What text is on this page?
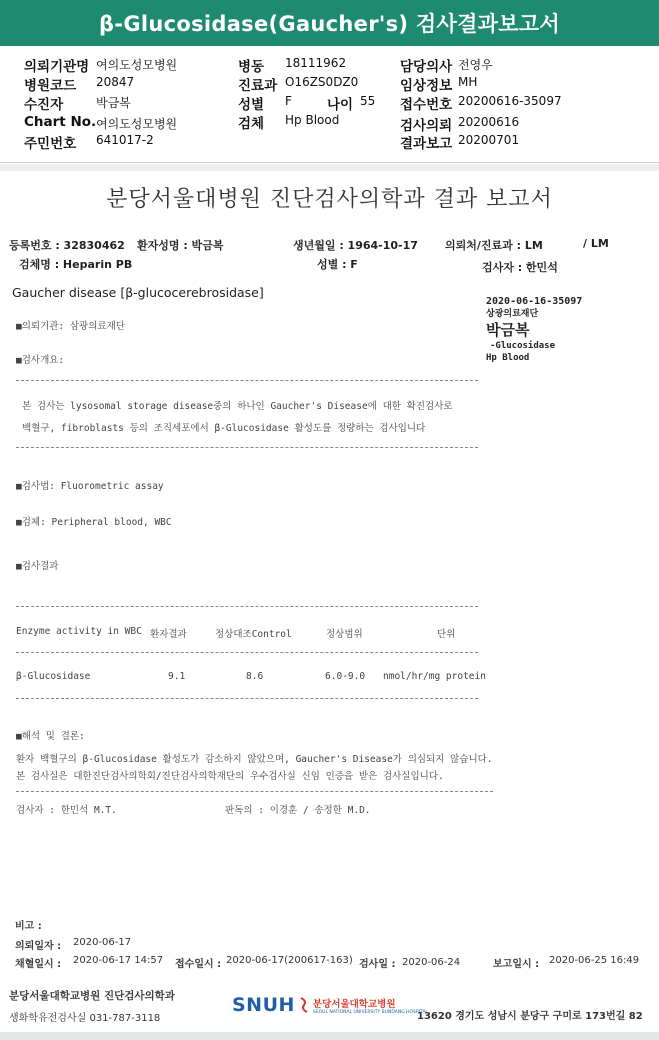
β-Glucosidase(Gaucher's) 검사결과보고서
의뢰기관명 여의도성모병원
병원코드 20847
수진자	박금복
Chart No. 여의도성모병원
주민번호 641017-2
병동 18111962
진료과 O16ZS0DZ0
성별 F	나이 55
검체 Hp Blood
담당의사 전영우
임상정보 MH
접수번호 20200616-35097
검사의뢰 20200616
결과보고 20200701
분당서울대병원 진단검사의학과 결과 보고서
등록번호 : 32830462 환자성명 : 박금복	생년월일 : 1964-10-17 의뢰처/진료과 : LM	/ LM
검체명 : Heparin PB	성별 : F	검사자 : 한민석
Gaucher disease [β-glucocerebrosidase]
2020-06-16-35097
상광의료재단
박금복
-Glucosidase
Hp Blood
■의뢰기관: 삼광의료재단
■검사개요:
본 검사는 lysosomal storage disease중의 하나인 Gaucher's Disease에 대한 확진검사로
백혈구, fibroblasts 등의 조직세포에서 β-Glucosidase 활성도를 정량하는 검사입니다
■검사법: Fluorometric assay
■검체: Peripheral blood, WBC
■검사결과
Enzyme activity in WBC 환자결과	정상대조Control	정상범위	단위
β-Glucosidase	9.1	8.6	6.0-9.0 nmol/hr/mg protein
■해석 및 결론:
환자 백혈구의 β-Glucosidase 활성도가 감소하지 않았으며, Gaucher's Disease가 의심되지 않습니다.
본 검사실은 대한진단검사의학회/진단검사의학재단의 우수검사실 신임 인증을 받은 검사실입니다.
검사자 : 한민석 M.T.	판독의 : 이경훈 / 송정한 M.D.
비고 :
의뢰일자 : 2020-06-17
채혈일시 : 2020-06-17 14:57 접수일시 : 2020-06-17(200617-163) 검사일 : 2020-06-24	보고일시 : 2020-06-25 16:49
분당서울대학교병원 진단검사의학과
생화학유전검사실 031-787-3118
SNUH 분당서울대학교병원
SEOUL NATIONAL UNIVERSITY BUNDANG HOSPITAL
13620 경기도 성남시 분당구 구미로 173번길 82
